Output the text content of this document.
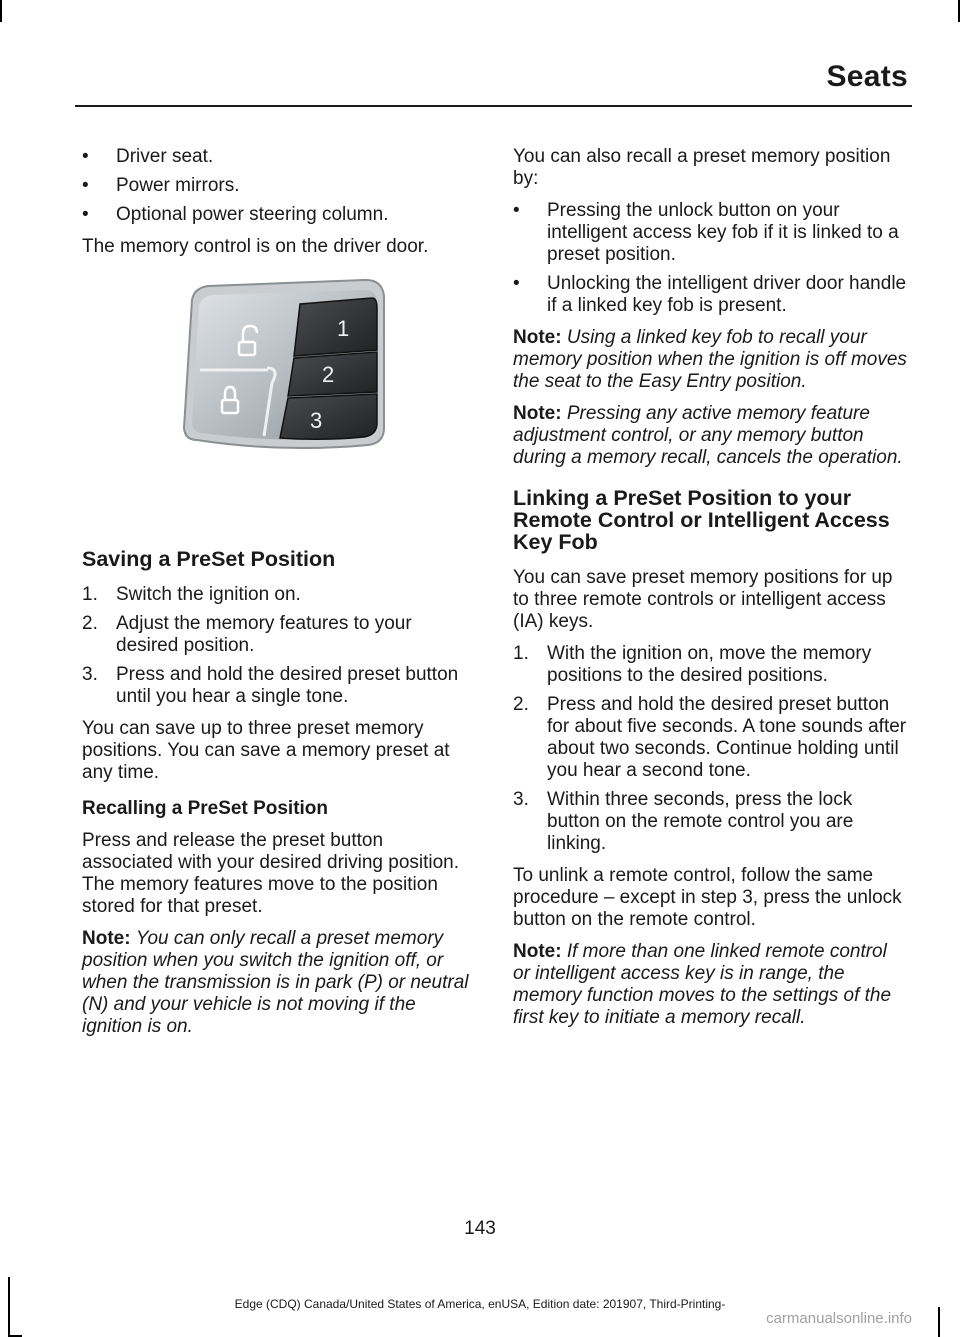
Seats
• Driver seat.
• Power mirrors.
• Optional power steering column.

The memory control is on the driver door.

1
2
3
Saving a PreSet Position
1. Switch the ignition on.
2. Adjust the memory features to your desired position.
3. Press and hold the desired preset button until you hear a single tone.

You can save up to three preset memory positions. You can save a memory preset at any time.

Recalling a PreSet Position

Press and release the preset button associated with your desired driving position. The memory features move to the position stored for that preset.

Note: You can only recall a preset memory position when you switch the ignition off, or when the transmission is in park (P) or neutral (N) and your vehicle is not moving if the ignition is on.

You can also recall a preset memory position by:

• Pressing the unlock button on your intelligent access key fob if it is linked to a preset position.
• Unlocking the intelligent driver door handle if a linked key fob is present.

Note: Using a linked key fob to recall your memory position when the ignition is off moves the seat to the Easy Entry position.

Note: Pressing any active memory feature adjustment control, or any memory button during a memory recall, cancels the operation.

Linking a PreSet Position to your Remote Control or Intelligent Access Key Fob

You can save preset memory positions for up to three remote controls or intelligent access (IA) keys.

1. With the ignition on, move the memory positions to the desired positions.
2. Press and hold the desired preset button for about five seconds. A tone sounds after about two seconds. Continue holding until you hear a second tone.
3. Within three seconds, press the lock button on the remote control you are linking.

To unlink a remote control, follow the same procedure – except in step 3, press the unlock button on the remote control.

Note: If more than one linked remote control or intelligent access key is in range, the memory function moves to the settings of the first key to initiate a memory recall.

143
Edge (CDQ) Canada/United States of America, enUSA, Edition date: 201907, Third-Printing-
carmanualsonline.info
